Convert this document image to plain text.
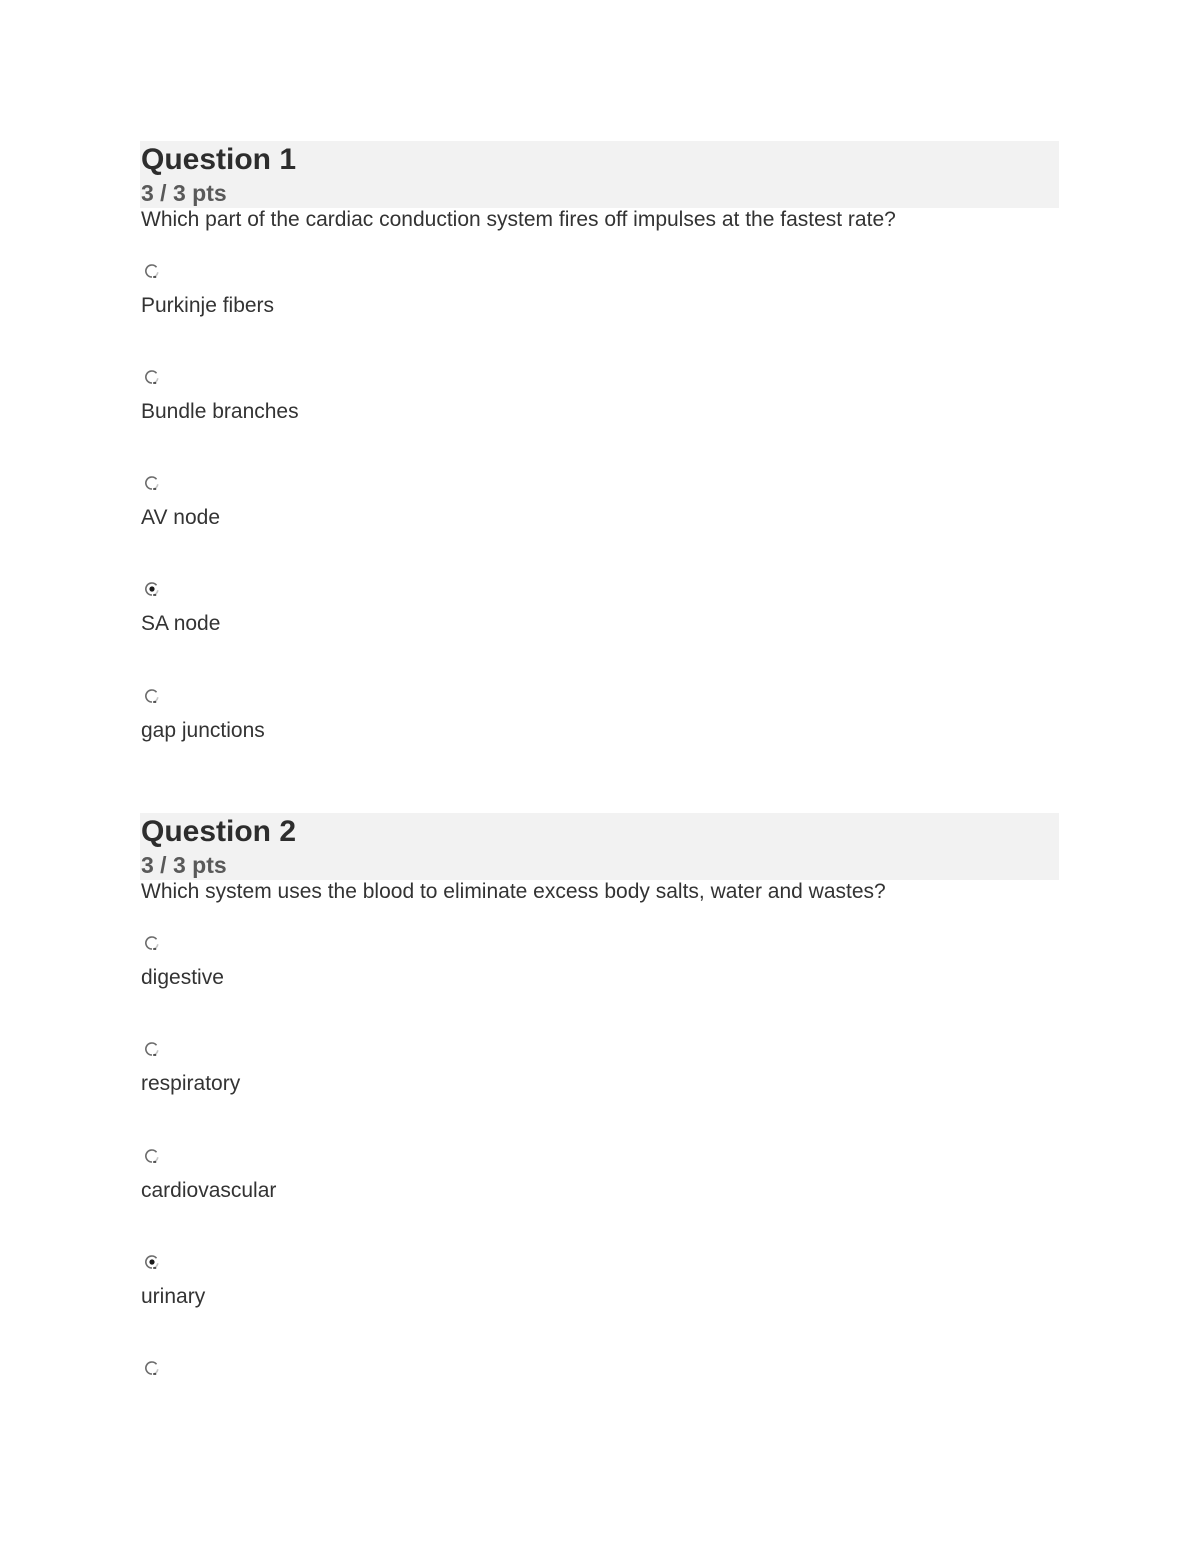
Question 1
3 / 3 pts
Which part of the cardiac conduction system fires off impulses at the fastest rate?
Purkinje fibers
Bundle branches
AV node
SA node
gap junctions
Question 2
3 / 3 pts
Which system uses the blood to eliminate excess body salts, water and wastes?
digestive
respiratory
cardiovascular
urinary
